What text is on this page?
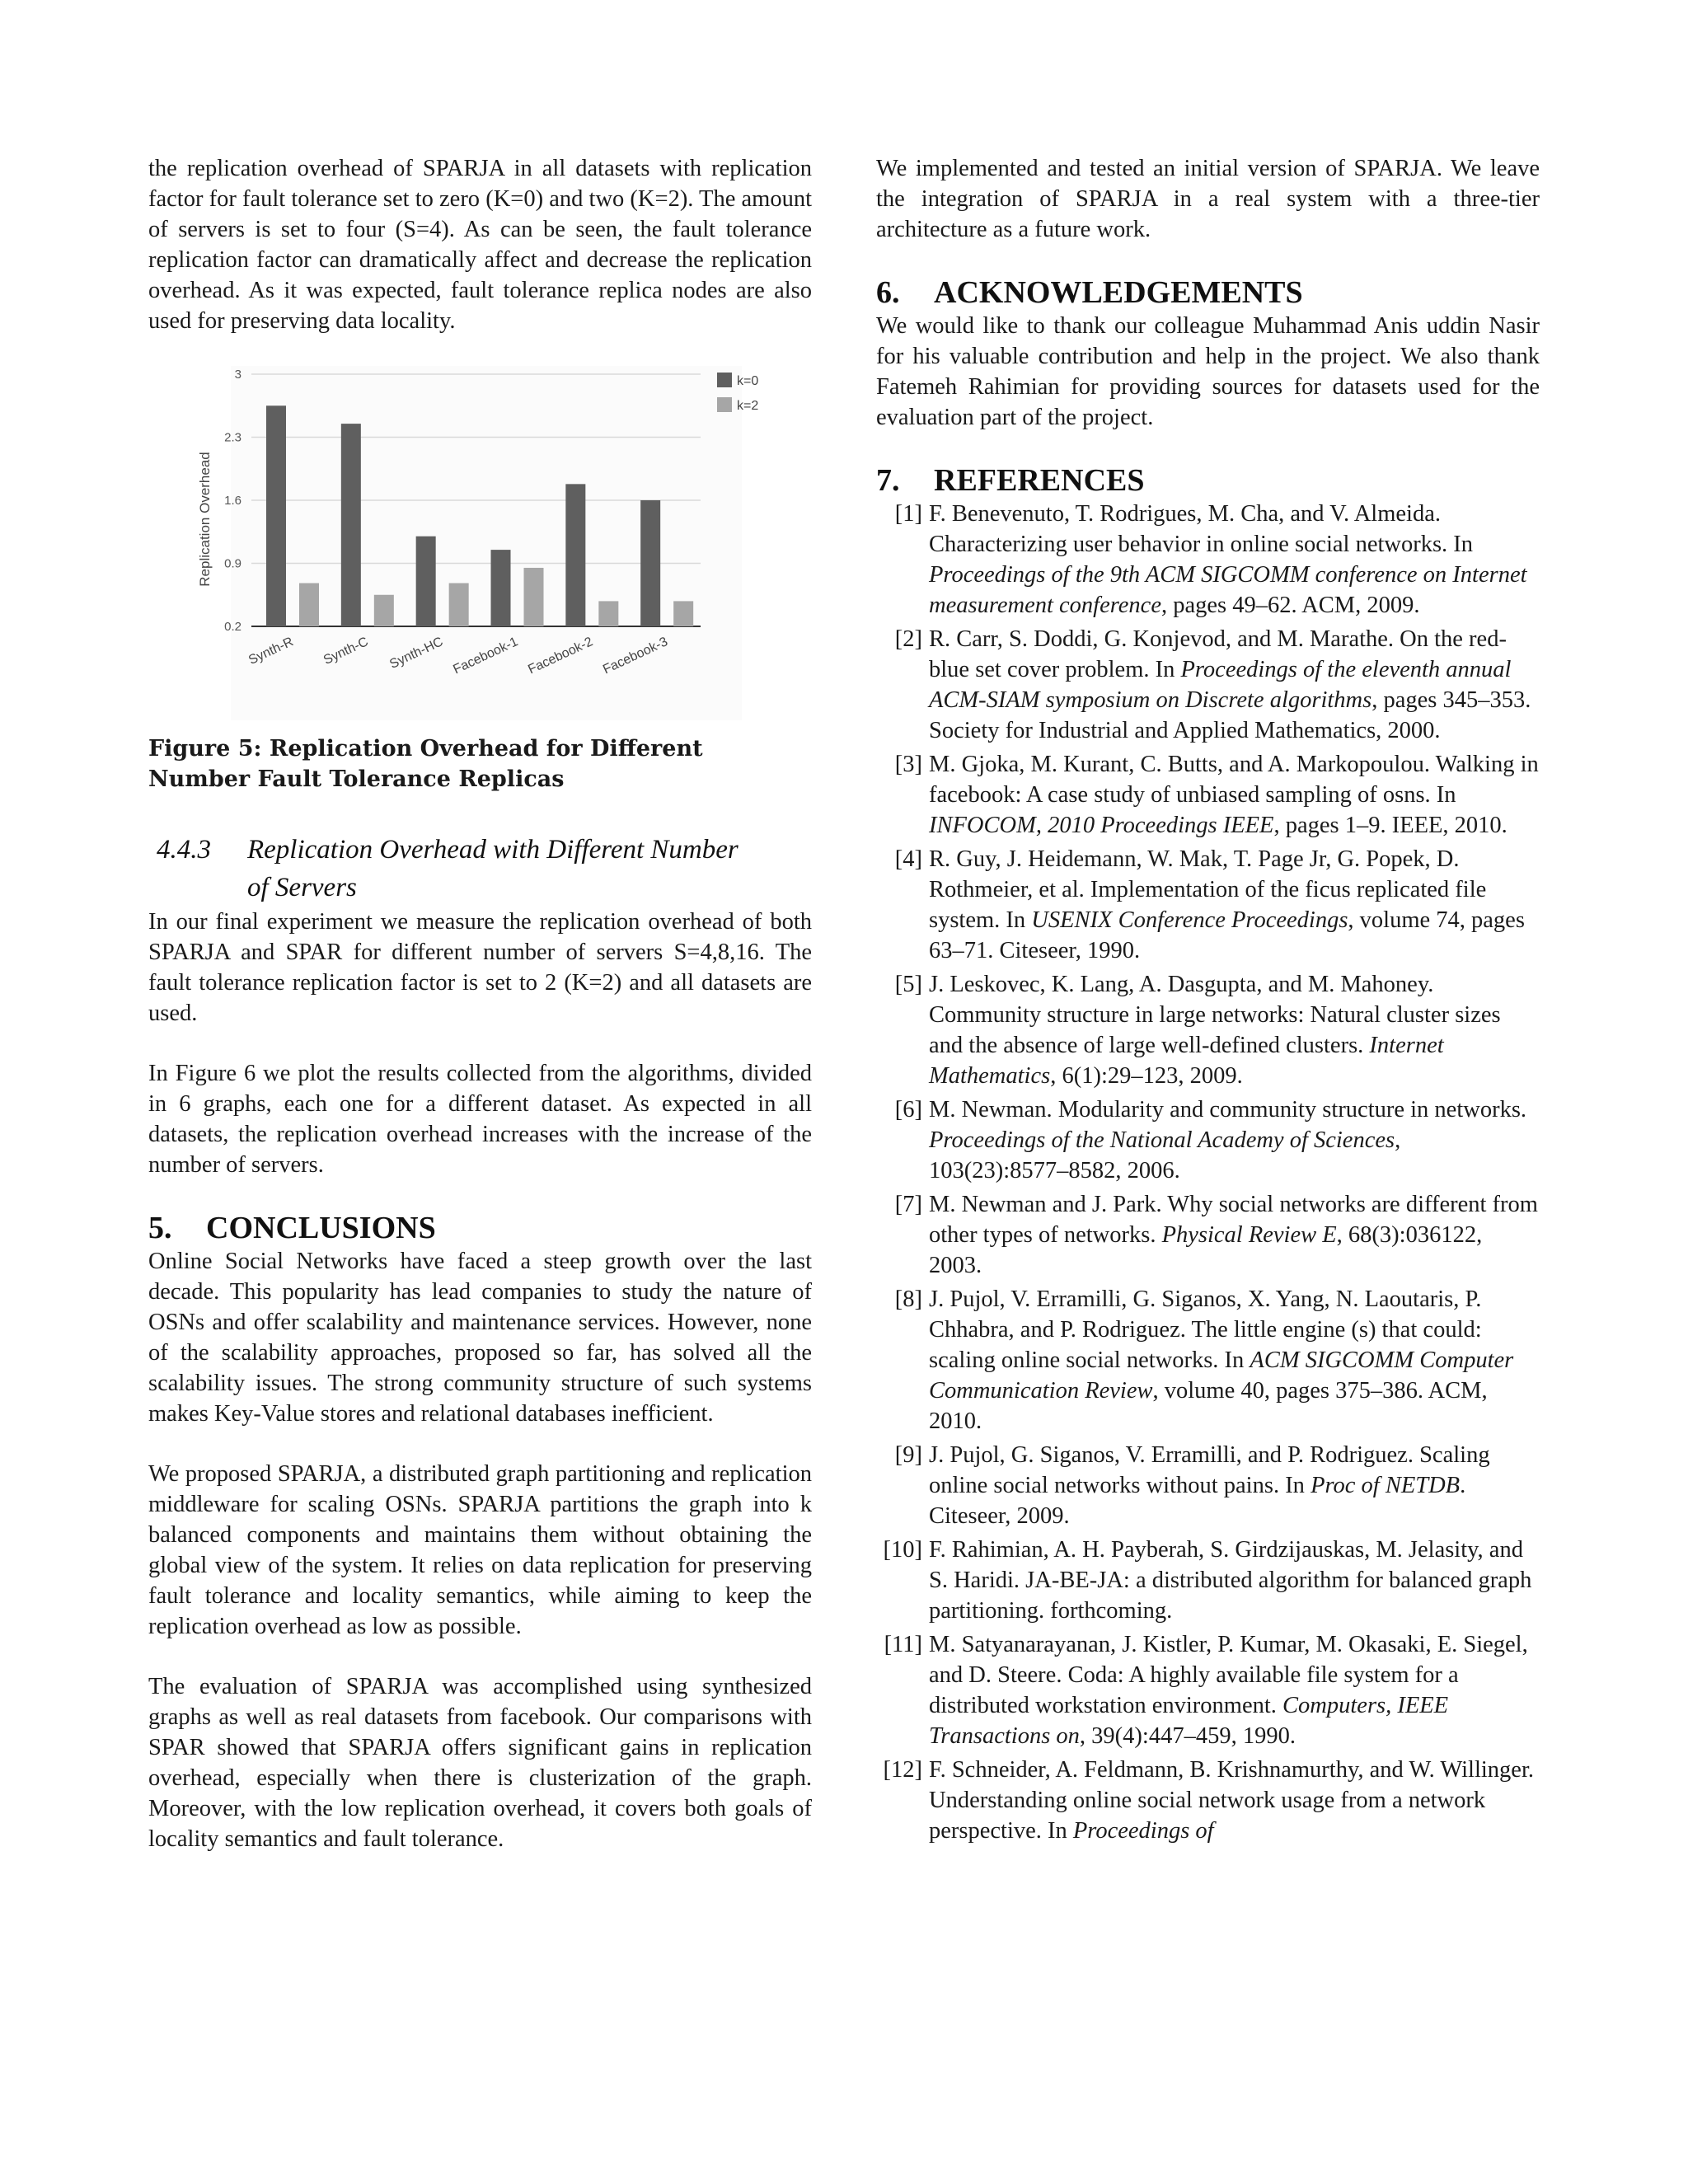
the replication overhead of SPARJA in all datasets with replication factor for fault tolerance set to zero (K=0) and two (K=2). The amount of servers is set to four (S=4). As can be seen, the fault tolerance replication factor can dramatically affect and decrease the replication overhead. As it was expected, fault tolerance replica nodes are also used for preserving data locality.

0.2
0.9
1.6
2.3
3
Synth-R Synth-C Synth-HC Facebook-1 Facebook-2 Facebook-3
k=0
k=2
Replication Overhead

Figure 5: Replication Overhead for Different Number Fault Tolerance Replicas

4.4.3 Replication Overhead with Different Number
of Servers

In our final experiment we measure the replication overhead of both SPARJA and SPAR for different number of servers S=4,8,16. The fault tolerance replication factor is set to 2 (K=2) and all datasets are used.

In Figure 6 we plot the results collected from the algorithms, divided in 6 graphs, each one for a different dataset. As expected in all datasets, the replication overhead increases with the increase of the number of servers.

5. CONCLUSIONS

Online Social Networks have faced a steep growth over the last decade. This popularity has lead companies to study the nature of OSNs and offer scalability and maintenance services. However, none of the scalability approaches, proposed so far, has solved all the scalability issues. The strong community structure of such systems makes Key-Value stores and relational databases inefficient.

We proposed SPARJA, a distributed graph partitioning and replication middleware for scaling OSNs. SPARJA partitions the graph into k balanced components and maintains them without obtaining the global view of the system. It relies on data replication for preserving fault tolerance and locality semantics, while aiming to keep the replication overhead as low as possible.

The evaluation of SPARJA was accomplished using synthesized graphs as well as real datasets from facebook. Our comparisons with SPAR showed that SPARJA offers significant gains in replication overhead, especially when there is clusterization of the graph. Moreover, with the low replication overhead, it covers both goals of locality semantics and fault tolerance.

We implemented and tested an initial version of SPARJA. We leave the integration of SPARJA in a real system with a three-tier architecture as a future work.

6. ACKNOWLEDGEMENTS

We would like to thank our colleague Muhammad Anis uddin Nasir for his valuable contribution and help in the project. We also thank Fatemeh Rahimian for providing sources for datasets used for the evaluation part of the project.

7. REFERENCES
[1] F. Benevenuto, T. Rodrigues, M. Cha, and V. Almeida. Characterizing user behavior in online social networks. In Proceedings of the 9th ACM SIGCOMM conference on Internet measurement conference, pages 49–62. ACM, 2009.
[2] R. Carr, S. Doddi, G. Konjevod, and M. Marathe. On the red-blue set cover problem. In Proceedings of the eleventh annual ACM-SIAM symposium on Discrete algorithms, pages 345–353. Society for Industrial and Applied Mathematics, 2000.
[3] M. Gjoka, M. Kurant, C. Butts, and A. Markopoulou. Walking in facebook: A case study of unbiased sampling of osns. In INFOCOM, 2010 Proceedings IEEE, pages 1–9. IEEE, 2010.
[4] R. Guy, J. Heidemann, W. Mak, T. Page Jr, G. Popek, D. Rothmeier, et al. Implementation of the ficus replicated file system. In USENIX Conference Proceedings, volume 74, pages 63–71. Citeseer, 1990.
[5] J. Leskovec, K. Lang, A. Dasgupta, and M. Mahoney. Community structure in large networks: Natural cluster sizes and the absence of large well-defined clusters. Internet Mathematics, 6(1):29–123, 2009.
[6] M. Newman. Modularity and community structure in networks. Proceedings of the National Academy of Sciences, 103(23):8577–8582, 2006.
[7] M. Newman and J. Park. Why social networks are different from other types of networks. Physical Review E, 68(3):036122, 2003.
[8] J. Pujol, V. Erramilli, G. Siganos, X. Yang, N. Laoutaris, P. Chhabra, and P. Rodriguez. The little engine (s) that could: scaling online social networks. In ACM SIGCOMM Computer Communication Review, volume 40, pages 375–386. ACM, 2010.
[9] J. Pujol, G. Siganos, V. Erramilli, and P. Rodriguez. Scaling online social networks without pains. In Proc of NETDB. Citeseer, 2009.
[10] F. Rahimian, A. H. Payberah, S. Girdzijauskas, M. Jelasity, and S. Haridi. JA-BE-JA: a distributed algorithm for balanced graph partitioning. forthcoming.
[11] M. Satyanarayanan, J. Kistler, P. Kumar, M. Okasaki, E. Siegel, and D. Steere. Coda: A highly available file system for a distributed workstation environment. Computers, IEEE Transactions on, 39(4):447–459, 1990.
[12] F. Schneider, A. Feldmann, B. Krishnamurthy, and W. Willinger. Understanding online social network usage from a network perspective. In Proceedings of
